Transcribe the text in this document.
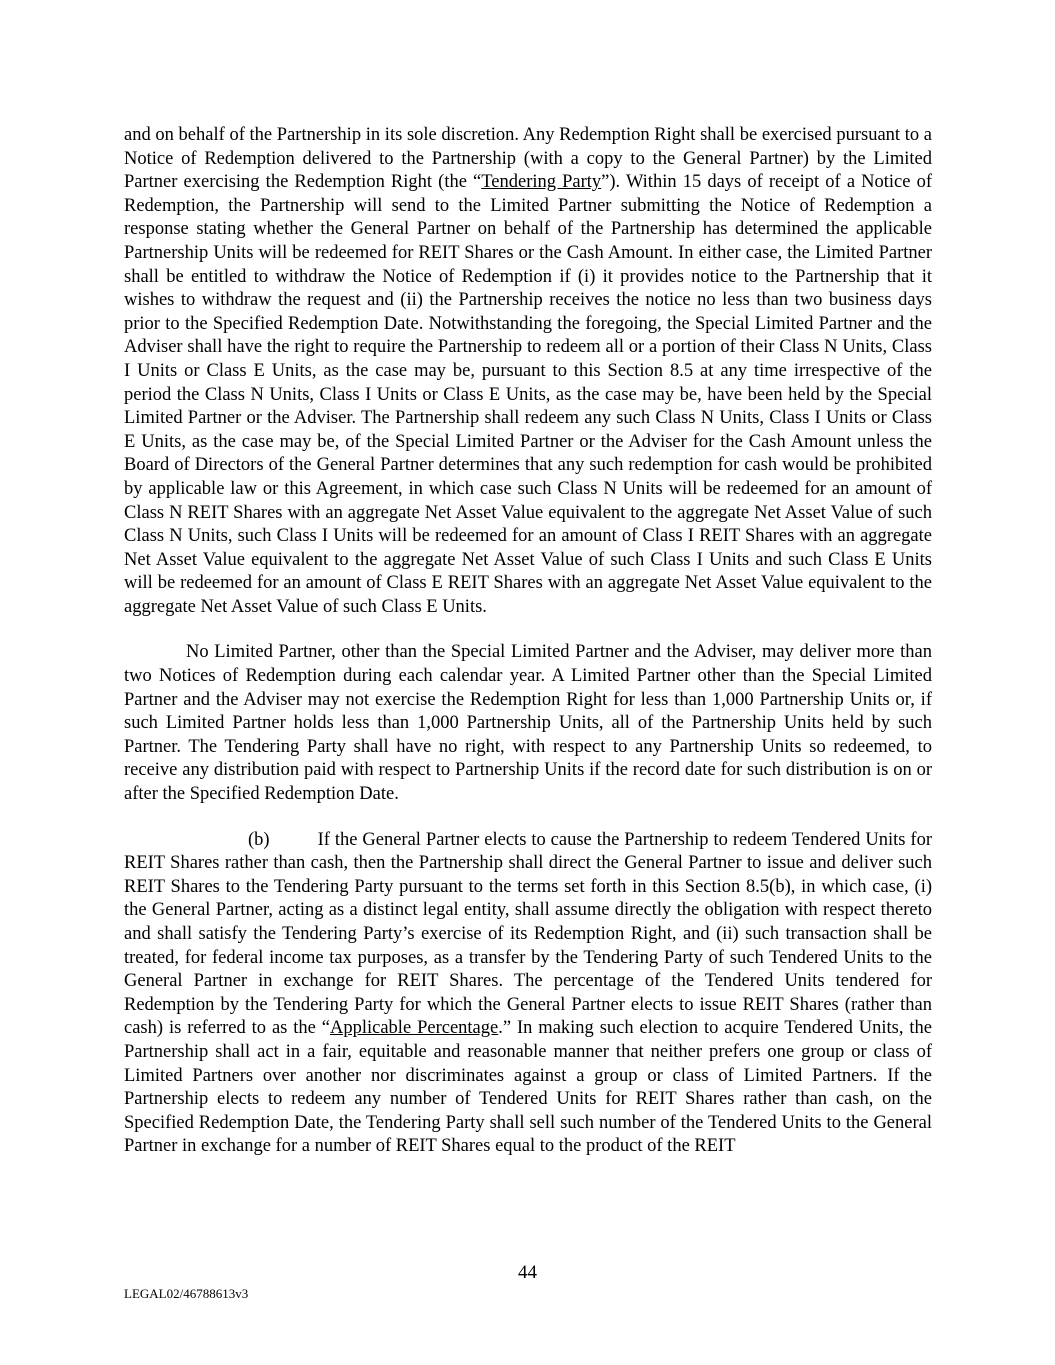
and on behalf of the Partnership in its sole discretion. Any Redemption Right shall be exercised pursuant to a Notice of Redemption delivered to the Partnership (with a copy to the General Partner) by the Limited Partner exercising the Redemption Right (the “Tendering Party”). Within 15 days of receipt of a Notice of Redemption, the Partnership will send to the Limited Partner submitting the Notice of Redemption a response stating whether the General Partner on behalf of the Partnership has determined the applicable Partnership Units will be redeemed for REIT Shares or the Cash Amount. In either case, the Limited Partner shall be entitled to withdraw the Notice of Redemption if (i) it provides notice to the Partnership that it wishes to withdraw the request and (ii) the Partnership receives the notice no less than two business days prior to the Specified Redemption Date. Notwithstanding the foregoing, the Special Limited Partner and the Adviser shall have the right to require the Partnership to redeem all or a portion of their Class N Units, Class I Units or Class E Units, as the case may be, pursuant to this Section 8.5 at any time irrespective of the period the Class N Units, Class I Units or Class E Units, as the case may be, have been held by the Special Limited Partner or the Adviser. The Partnership shall redeem any such Class N Units, Class I Units or Class E Units, as the case may be, of the Special Limited Partner or the Adviser for the Cash Amount unless the Board of Directors of the General Partner determines that any such redemption for cash would be prohibited by applicable law or this Agreement, in which case such Class N Units will be redeemed for an amount of Class N REIT Shares with an aggregate Net Asset Value equivalent to the aggregate Net Asset Value of such Class N Units, such Class I Units will be redeemed for an amount of Class I REIT Shares with an aggregate Net Asset Value equivalent to the aggregate Net Asset Value of such Class I Units and such Class E Units will be redeemed for an amount of Class E REIT Shares with an aggregate Net Asset Value equivalent to the aggregate Net Asset Value of such Class E Units.

No Limited Partner, other than the Special Limited Partner and the Adviser, may deliver more than two Notices of Redemption during each calendar year. A Limited Partner other than the Special Limited Partner and the Adviser may not exercise the Redemption Right for less than 1,000 Partnership Units or, if such Limited Partner holds less than 1,000 Partnership Units, all of the Partnership Units held by such Partner. The Tendering Party shall have no right, with respect to any Partnership Units so redeemed, to receive any distribution paid with respect to Partnership Units if the record date for such distribution is on or after the Specified Redemption Date.

(b)	If the General Partner elects to cause the Partnership to redeem Tendered Units for REIT Shares rather than cash, then the Partnership shall direct the General Partner to issue and deliver such REIT Shares to the Tendering Party pursuant to the terms set forth in this Section 8.5(b), in which case, (i) the General Partner, acting as a distinct legal entity, shall assume directly the obligation with respect thereto and shall satisfy the Tendering Party’s exercise of its Redemption Right, and (ii) such transaction shall be treated, for federal income tax purposes, as a transfer by the Tendering Party of such Tendered Units to the General Partner in exchange for REIT Shares. The percentage of the Tendered Units tendered for Redemption by the Tendering Party for which the General Partner elects to issue REIT Shares (rather than cash) is referred to as the “Applicable Percentage.” In making such election to acquire Tendered Units, the Partnership shall act in a fair, equitable and reasonable manner that neither prefers one group or class of Limited Partners over another nor discriminates against a group or class of Limited Partners. If the Partnership elects to redeem any number of Tendered Units for REIT Shares rather than cash, on the Specified Redemption Date, the Tendering Party shall sell such number of the Tendered Units to the General Partner in exchange for a number of REIT Shares equal to the product of the REIT

44
LEGAL02/46788613v3
